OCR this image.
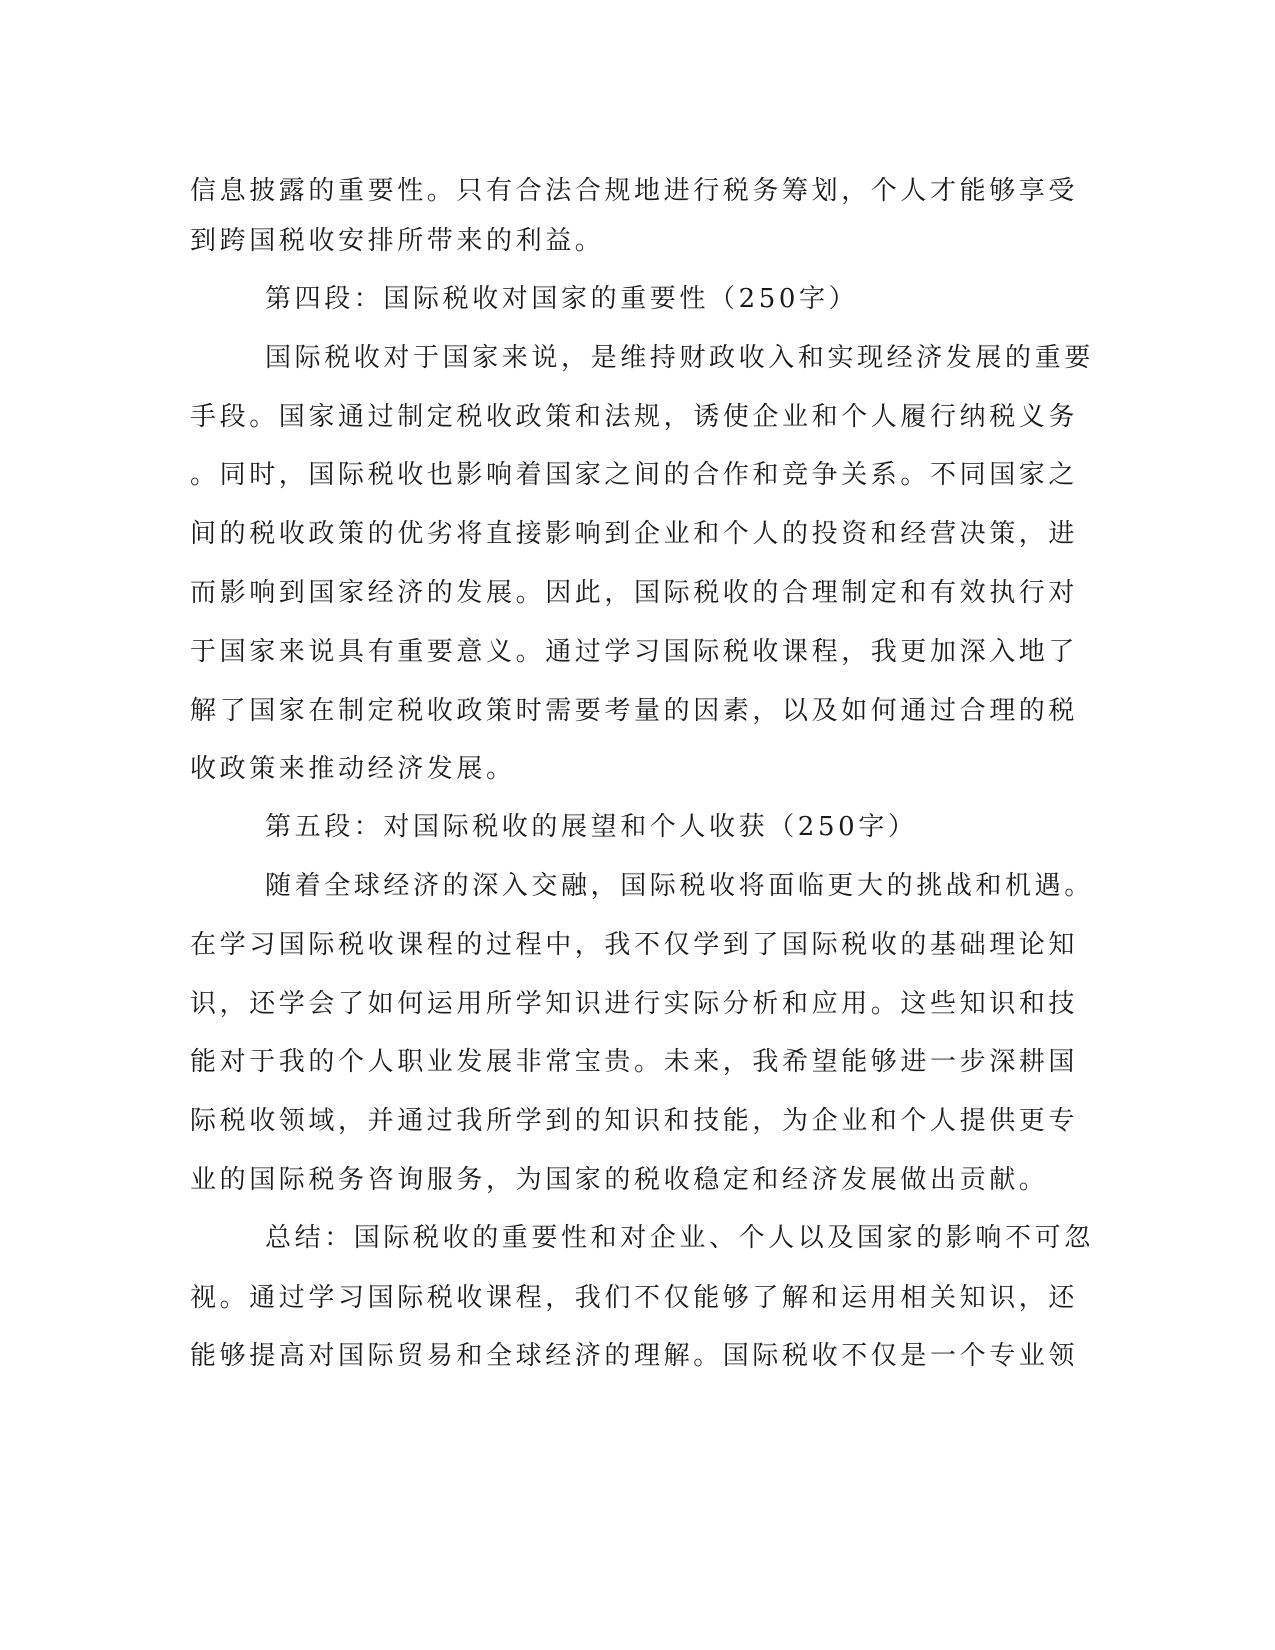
信息披露的重要性。只有合法合规地进行税务筹划，个人才能够享受
到跨国税收安排所带来的利益。
第四段：国际税收对国家的重要性（250字）
国际税收对于国家来说，是维持财政收入和实现经济发展的重要
手段。国家通过制定税收政策和法规，诱使企业和个人履行纳税义务
。同时，国际税收也影响着国家之间的合作和竞争关系。不同国家之
间的税收政策的优劣将直接影响到企业和个人的投资和经营决策，进
而影响到国家经济的发展。因此，国际税收的合理制定和有效执行对
于国家来说具有重要意义。通过学习国际税收课程，我更加深入地了
解了国家在制定税收政策时需要考量的因素，以及如何通过合理的税
收政策来推动经济发展。
第五段：对国际税收的展望和个人收获（250字）
随着全球经济的深入交融，国际税收将面临更大的挑战和机遇。
在学习国际税收课程的过程中，我不仅学到了国际税收的基础理论知
识，还学会了如何运用所学知识进行实际分析和应用。这些知识和技
能对于我的个人职业发展非常宝贵。未来，我希望能够进一步深耕国
际税收领域，并通过我所学到的知识和技能，为企业和个人提供更专
业的国际税务咨询服务，为国家的税收稳定和经济发展做出贡献。
总结：国际税收的重要性和对企业、个人以及国家的影响不可忽
视。通过学习国际税收课程，我们不仅能够了解和运用相关知识，还
能够提高对国际贸易和全球经济的理解。国际税收不仅是一个专业领
